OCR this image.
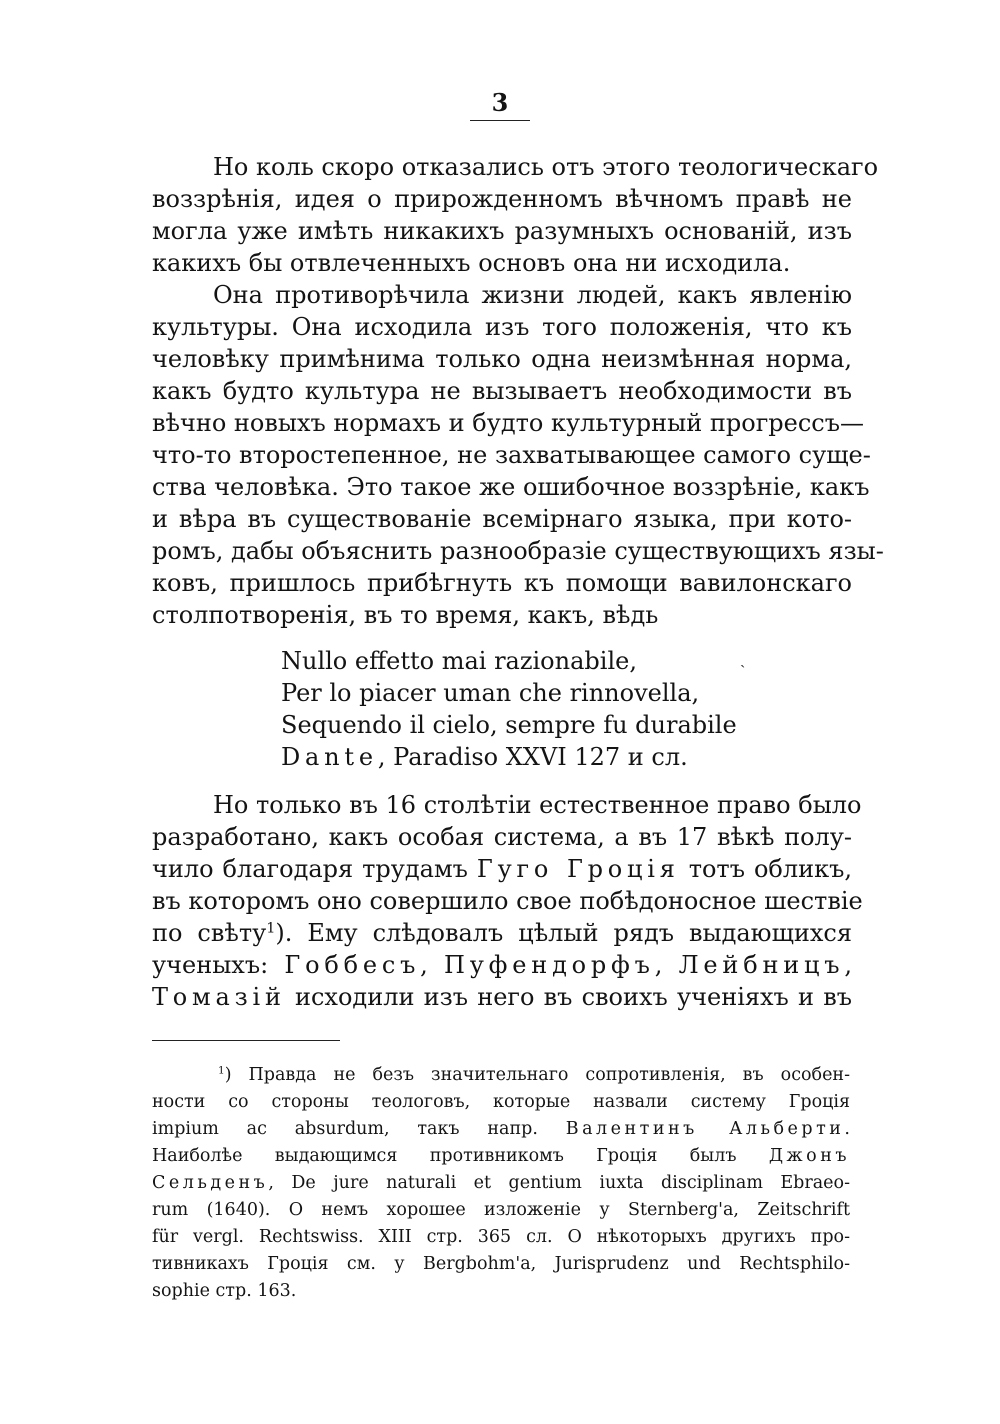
3
Но коль скоро отказались отъ этого теологическаго
воззрѣнія, идея о прирожденномъ вѣчномъ правѣ не
могла уже имѣть никакихъ разумныхъ основаній, изъ
какихъ бы отвлеченныхъ основъ она ни исходила.
Она противорѣчила жизни людей, какъ явленію
культуры. Она исходила изъ того положенія, что къ
человѣку примѣнима только одна неизмѣнная норма,
какъ будто культура не вызываетъ необходимости въ
вѣчно новыхъ нормахъ и будто культурный прогрессъ—
что-то второстепенное, не захватывающее самого суще-
ства человѣка. Это такое же ошибочное воззрѣніе, какъ
и вѣра въ существованіе всемірнаго языка, при кото-
ромъ, дабы объяснить разнообразіе существующихъ язы-
ковъ, пришлось прибѣгнуть къ помощи вавилонскаго
столпотворенія, въ то время, какъ, вѣдь
Nullo effetto mai razionabile,	˴
Per lo piacer uman che rinnovella,
Sequendo il cielo, sempre fu durabile
Dante, Paradiso XXVI 127 и сл.
Но только въ 16 столѣтіи естественное право было
разработано, какъ особая система, а въ 17 вѣкѣ полу-
чило благодаря трудамъ Гуго Гроція тотъ обликъ,
въ которомъ оно совершило свое побѣдоносное шествіе
по свѣту$^1$). Ему слѣдовалъ цѣлый рядъ выдающихся
ученыхъ: Гоббесъ, Пуфендорфъ, Лейбницъ,
Томазій исходили изъ него въ своихъ ученіяхъ и въ
$^1$) Правда не безъ значительнаго сопротивленія, въ особен-
ности со стороны теологовъ, которые назвали систему Гроція
impium ac absurdum, такъ напр. Валентинъ Альберти.
Наиболѣе выдающимся противникомъ Гроція былъ Джонъ
Сельденъ, De jure naturali et gentium iuxta disciplinam Ebraeo-
rum (1640). О немъ хорошее изложеніе у Sternberg'а, Zeitschrift
für vergl. Rechtswiss. XIII стр. 365 сл. О нѣкоторыхъ другихъ про-
тивникахъ Гроція см. у Bergbohm'а, Jurisprudenz und Rechtsphilo-
sophie стр. 163.
